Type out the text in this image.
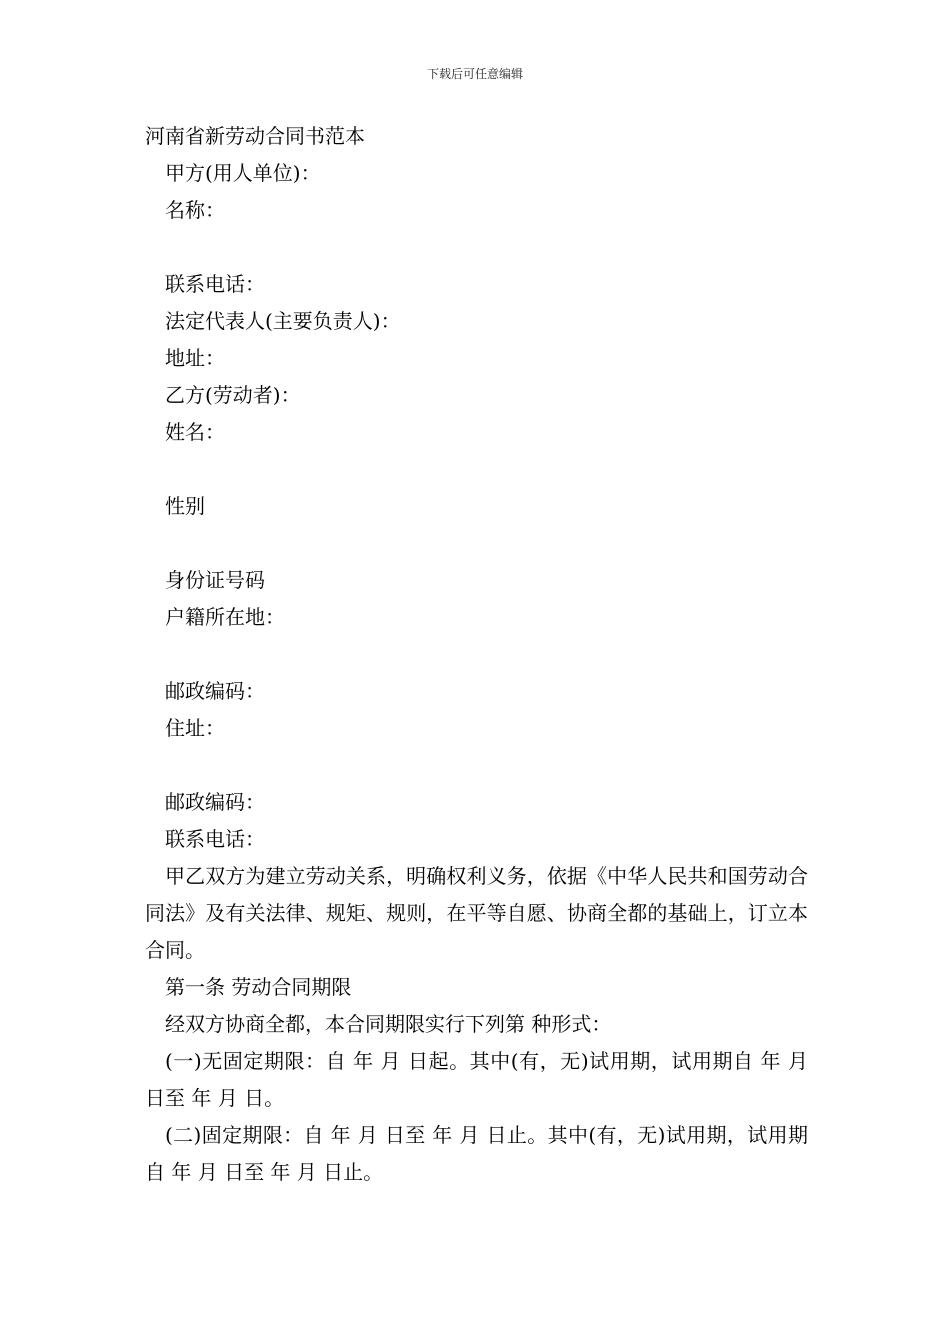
下载后可任意编辑
河南省新劳动合同书范本

甲方(用人单位)：

名称：

联系电话：

法定代表人(主要负责人)：

地址：

乙方(劳动者)：

姓名：

性别

身份证号码

户籍所在地：

邮政编码：

住址：

邮政编码：

联系电话：

甲乙双方为建立劳动关系，明确权利义务，依据《中华人民共和国劳动合同法》及有关法律、规矩、规则，在平等自愿、协商全都的基础上，订立本合同。

第一条 劳动合同期限

经双方协商全都，本合同期限实行下列第 种形式：

(一)无固定期限：自 年 月 日起。其中(有，无)试用期，试用期自 年 月 日至 年 月 日。

(二)固定期限：自 年 月 日至 年 月 日止。其中(有，无)试用期，试用期自 年 月 日至 年 月 日止。
